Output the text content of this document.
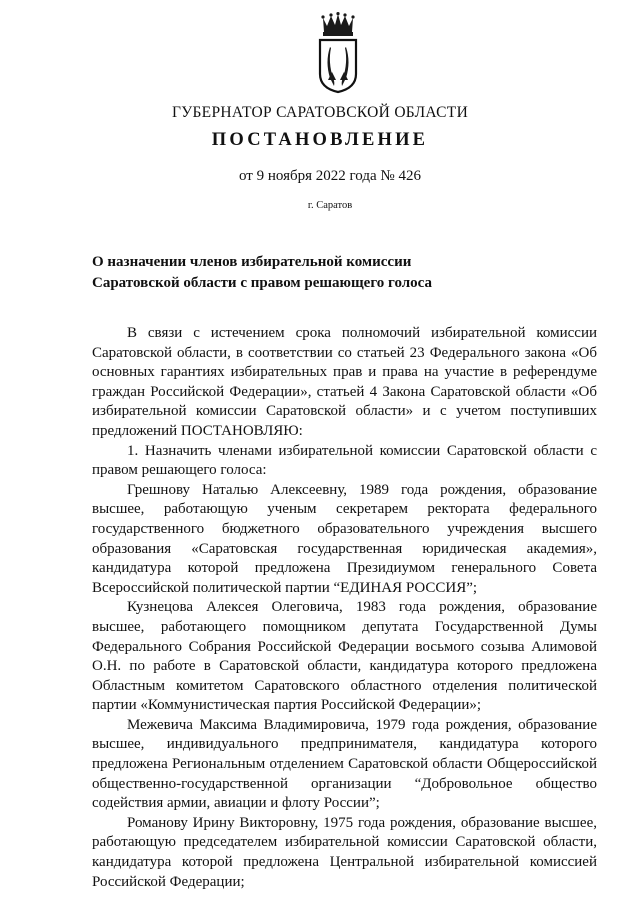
ГУБЕРНАТОР САРАТОВСКОЙ ОБЛАСТИ
ПОСТАНОВЛЕНИЕ
от 9 ноября 2022 года № 426
г. Саратов
О назначении членов избирательной комиссии
Саратовской области с правом решающего голоса

В связи с истечением срока полномочий избирательной комиссии Саратовской области, в соответствии со статьей 23 Федерального закона «Об основных гарантиях избирательных прав и права на участие в референдуме граждан Российской Федерации», статьей 4 Закона Саратовской области «Об избирательной комиссии Саратовской области» и с учетом поступивших предложений ПОСТАНОВЛЯЮ:

1. Назначить членами избирательной комиссии Саратовской области с правом решающего голоса:

Грешнову Наталью Алексеевну, 1989 года рождения, образование высшее, работающую ученым секретарем ректората федерального государственного бюджетного образовательного учреждения высшего образования «Саратовская государственная юридическая академия», кандидатура которой предложена Президиумом генерального Совета Всероссийской политической партии “ЕДИНАЯ РОССИЯ”;

Кузнецова Алексея Олеговича, 1983 года рождения, образование высшее, работающего помощником депутата Государственной Думы Федерального Собрания Российской Федерации восьмого созыва Алимовой О.Н. по работе в Саратовской области, кандидатура которого предложена Областным комитетом Саратовского областного отделения политической партии «Коммунистическая партия Российской Федерации»;

Межевича Максима Владимировича, 1979 года рождения, образование высшее, индивидуального предпринимателя, кандидатура которого предложена Региональным отделением Саратовской области Общероссийской общественно-государственной организации “Добровольное общество содействия армии, авиации и флоту России”;

Романову Ирину Викторовну, 1975 года рождения, образование высшее, работающую председателем избирательной комиссии Саратовской области, кандидатура которой предложена Центральной избирательной комиссией Российской Федерации;
